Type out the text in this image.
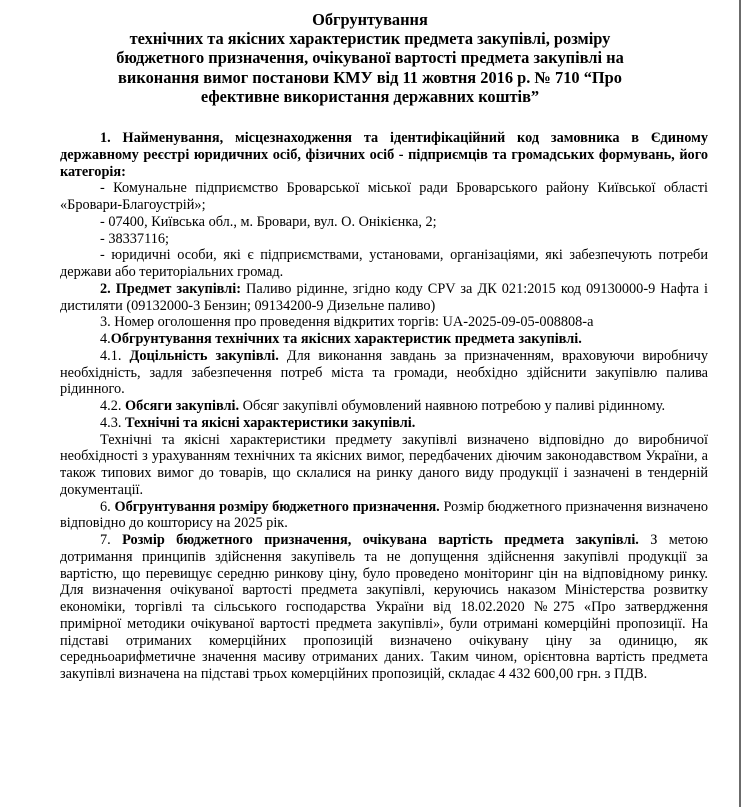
Обгрунтування
технічних та якісних характеристик предмета закупівлі, розміру
бюджетного призначення, очікуваної вартості предмета закупівлі на
виконання вимог постанови КМУ від 11 жовтня 2016 р. № 710 “Про
ефективне використання державних коштів”
1. Найменування, місцезнаходження та ідентифікаційний код замовника в Єдиному державному реєстрі юридичних осіб, фізичних осіб - підприємців та громадських формувань, його категорія:
- Комунальне підприємство Броварської міської ради Броварського району Київської області «Бровари-Благоустрій»;
- 07400, Київська обл., м. Бровари, вул. О. Онікієнка, 2;
- 38337116;
- юридичні особи, які є підприємствами, установами, організаціями, які забезпечують потреби держави або територіальних громад.
2. Предмет закупівлі: Паливо рідинне, згідно коду CPV за ДК 021:2015 код 09130000-9 Нафта і дистиляти (09132000-3 Бензин; 09134200-9 Дизельне паливо)
3. Номер оголошення про проведення відкритих торгів: UA-2025-09-05-008808-a
4.Обгрунтування технічних та якісних характеристик предмета закупівлі.
4.1. Доцільність закупівлі. Для виконання завдань за призначенням, враховуючи виробничу необхідність, задля забезпечення потреб міста та громади, необхідно здійснити закупівлю палива рідинного.
4.2. Обсяги закупівлі. Обсяг закупівлі обумовлений наявною потребою у паливі рідинному.
4.3. Технічні та якісні характеристики закупівлі.
Технічні та якісні характеристики предмету закупівлі визначено відповідно до виробничої необхідності з урахуванням технічних та якісних вимог, передбачених діючим законодавством України, а також типових вимог до товарів, що склалися на ринку даного виду продукції і зазначені в тендерній документації.
6. Обгрунтування розміру бюджетного призначення. Розмір бюджетного призначення визначено відповідно до кошторису на 2025 рік.
7. Розмір бюджетного призначення, очікувана вартість предмета закупівлі. З метою дотримання принципів здійснення закупівель та не допущення здійснення закупівлі продукції за вартістю, що перевищує середню ринкову ціну, було проведено моніторинг цін на відповідному ринку. Для визначення очікуваної вартості предмета закупівлі, керуючись наказом Міністерства розвитку економіки, торгівлі та сільського господарства України від 18.02.2020 №275 «Про затвердження примірної методики очікуваної вартості предмета закупівлі», були отримані комерційні пропозиції. На підставі отриманих комерційних пропозицій визначено очікувану ціну за одиницю, як середньоарифметичне значення масиву отриманих даних. Таким чином, орієнтовна вартість предмета закупівлі визначена на підставі трьох комерційних пропозицій, складає 4 432 600,00 грн. з ПДВ.
